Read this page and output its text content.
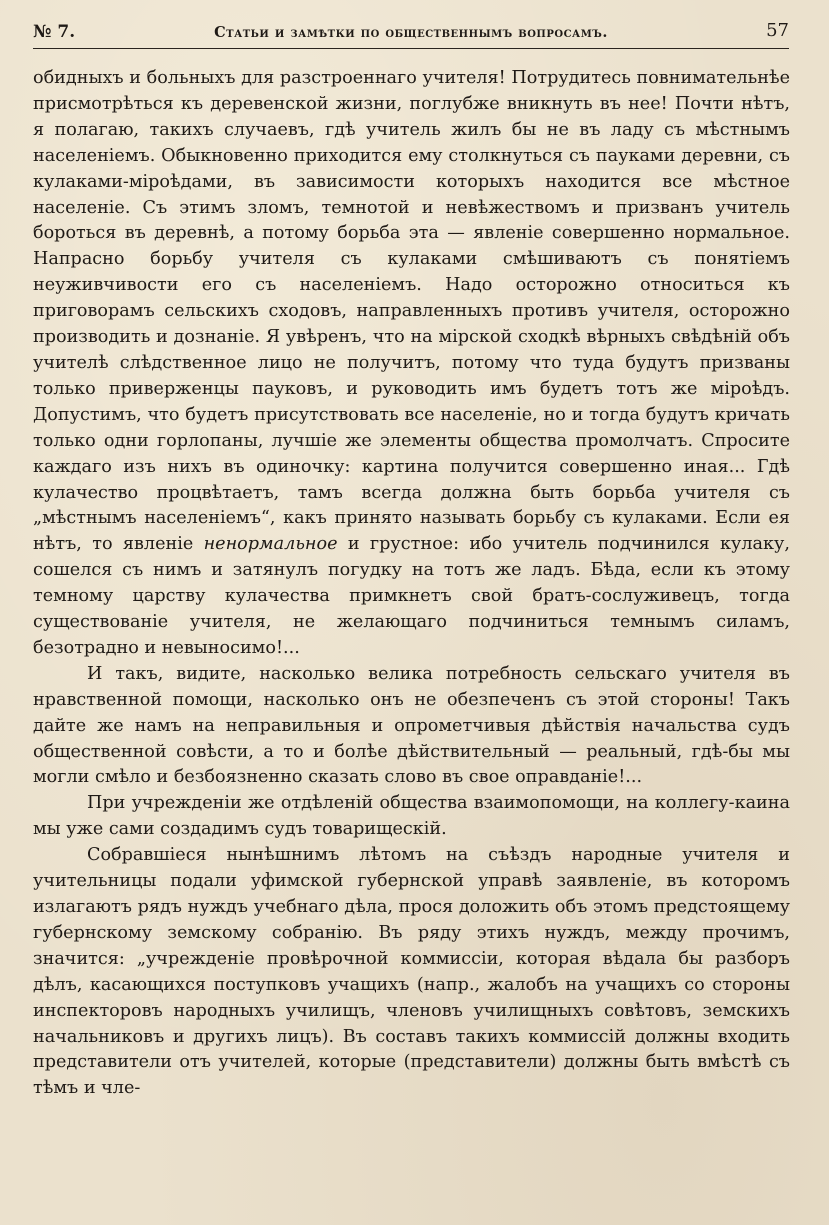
№ 7.	Статьи и замѣтки по общественнымъ вопросамъ.	57

обидныхъ и больныхъ для разстроеннаго учителя! Потрудитесь повнимательнѣе присмотрѣться къ деревенской жизни, поглубже вникнуть въ нее! Почти нѣтъ, я полагаю, такихъ случаевъ, гдѣ учитель жилъ бы не въ ладу съ мѣстнымъ населеніемъ. Обыкновенно приходится ему столкнуться съ пауками деревни, съ кулаками-міроѣдами, въ зависимости которыхъ находится все мѣстное населеніе. Съ этимъ зломъ, темнотой и невѣжествомъ и призванъ учитель бороться въ деревнѣ, а потому борьба эта — явленіе совершенно нормальное. Напрасно борьбу учителя съ кулаками смѣшиваютъ съ понятіемъ неуживчивости его съ населеніемъ. Надо осторожно относиться къ приговорамъ сельскихъ сходовъ, направленныхъ противъ учителя, осторожно производить и дознаніе. Я увѣренъ, что на мірской сходкѣ вѣрныхъ свѣдѣній объ учителѣ слѣдственное лицо не получитъ, потому что туда будутъ призваны только приверженцы пауковъ, и руководить имъ будетъ тотъ же міроѣдъ. Допустимъ, что будетъ присутствовать все населеніе, но и тогда будутъ кричать только одни горлопаны, лучшіе же элементы общества промолчатъ. Спросите каждаго изъ нихъ въ одиночку: картина получится совершенно иная... Гдѣ кулачество процвѣтаетъ, тамъ всегда должна быть борьба учителя съ „мѣстнымъ населеніемъ“, какъ принято называть борьбу съ кулаками. Если ея нѣтъ, то явленіе ненормальное и грустное: ибо учитель подчинился кулаку, сошелся съ нимъ и затянулъ погудку на тотъ же ладъ. Бѣда, если къ этому темному царству кулачества примкнетъ свой братъ-сослуживецъ, тогда существованіе учителя, не желающаго подчиниться темнымъ силамъ, безотрадно и невыносимо!...

И такъ, видите, насколько велика потребность сельскаго учителя въ нравственной помощи, насколько онъ не обезпеченъ съ этой стороны! Такъ дайте же намъ на неправильныя и опрометчивыя дѣйствія начальства судъ общественной совѣсти, а то и болѣе дѣйствительный — реальный, гдѣ-бы мы могли смѣло и безбоязненно сказать слово въ свое оправданіе!...

При учрежденіи же отдѣленій общества взаимопомощи, на коллегу-каина мы уже сами создадимъ судъ товарищескій.

Собравшіеся нынѣшнимъ лѣтомъ на съѣздъ народные учителя и учительницы подали уфимской губернской управѣ заявленіе, въ которомъ излагаютъ рядъ нуждъ учебнаго дѣла, прося доложить объ этомъ предстоящему губернскому земскому собранію. Въ ряду этихъ нуждъ, между прочимъ, значится: „учрежденіе провѣрочной коммиссіи, которая вѣдала бы разборъ дѣлъ, касающихся поступковъ учащихъ (напр., жалобъ на учащихъ со стороны инспекторовъ народныхъ училищъ, членовъ училищныхъ совѣтовъ, земскихъ начальниковъ и другихъ лицъ). Въ составъ такихъ коммиссій должны входить представители отъ учителей, которые (представители) должны быть вмѣстѣ съ тѣмъ и чле-
